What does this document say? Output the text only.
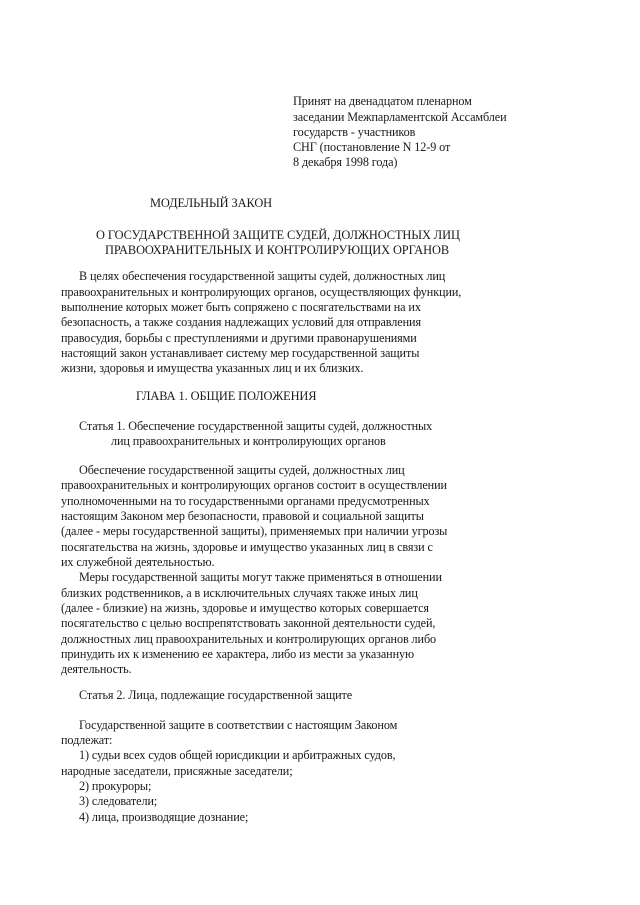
Принят на двенадцатом пленарном
заседании Межпарламентской Ассамблеи
государств - участников
СНГ (постановление N 12-9 от
8 декабря 1998 года)
МОДЕЛЬНЫЙ ЗАКОН
О ГОСУДАРСТВЕННОЙ ЗАЩИТЕ СУДЕЙ, ДОЛЖНОСТНЫХ ЛИЦ
ПРАВООХРАНИТЕЛЬНЫХ И КОНТРОЛИРУЮЩИХ ОРГАНОВ
В целях обеспечения государственной защиты судей, должностных лиц
правоохранительных и контролирующих органов, осуществляющих функции,
выполнение которых может быть сопряжено с посягательствами на их
безопасность, а также создания надлежащих условий для отправления
правосудия, борьбы с преступлениями и другими правонарушениями
настоящий закон устанавливает систему мер государственной защиты
жизни, здоровья и имущества указанных лиц и их близких.
ГЛАВА 1. ОБЩИЕ ПОЛОЖЕНИЯ
Статья 1. Обеспечение государственной защиты судей, должностных
лиц правоохранительных и контролирующих органов
Обеспечение государственной защиты судей, должностных лиц
правоохранительных и контролирующих органов состоит в осуществлении
уполномоченными на то государственными органами предусмотренных
настоящим Законом мер безопасности, правовой и социальной защиты
(далее - меры государственной защиты), применяемых при наличии угрозы
посягательства на жизнь, здоровье и имущество указанных лиц в связи с
их служебной деятельностью.
Меры государственной защиты могут также применяться в отношении
близких родственников, а в исключительных случаях также иных лиц
(далее - близкие) на жизнь, здоровье и имущество которых совершается
посягательство с целью воспрепятствовать законной деятельности судей,
должностных лиц правоохранительных и контролирующих органов либо
принудить их к изменению ее характера, либо из мести за указанную
деятельность.
Статья 2. Лица, подлежащие государственной защите
Государственной защите в соответствии с настоящим Законом
подлежат:
1) судьи всех судов общей юрисдикции и арбитражных судов,
народные заседатели, присяжные заседатели;
2) прокуроры;
3) следователи;
4) лица, производящие дознание;
